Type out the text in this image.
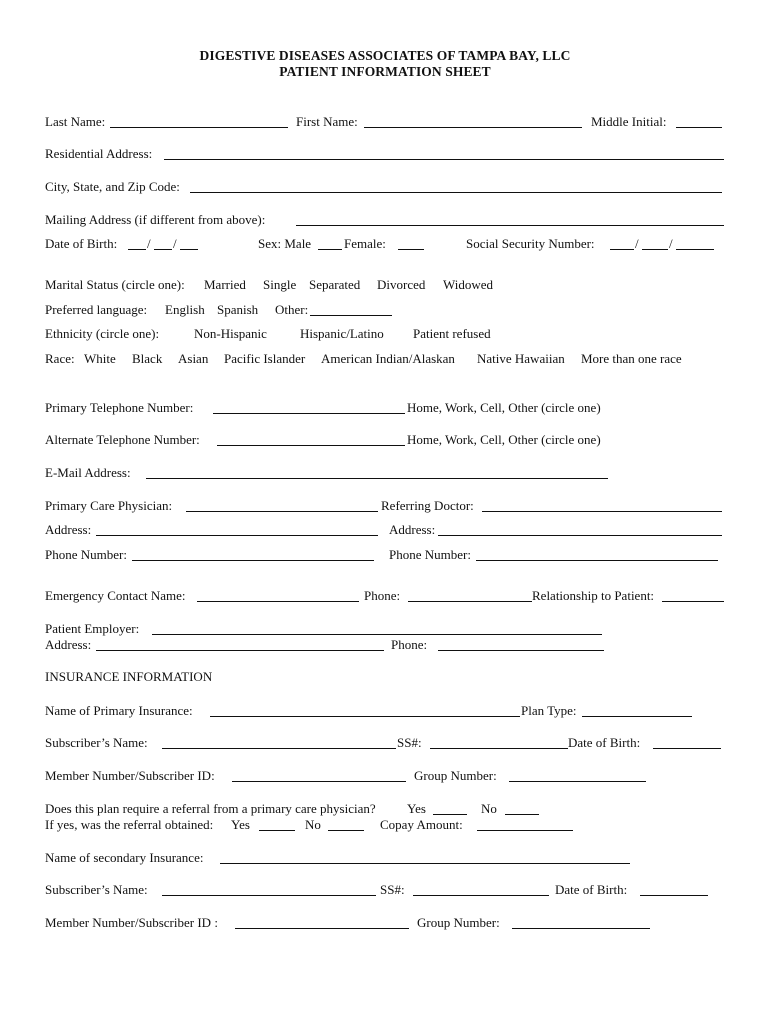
DIGESTIVE DISEASES ASSOCIATES OF TAMPA BAY, LLC
PATIENT INFORMATION SHEET
Last Name:	First Name:	Middle Initial:
Residential Address:
City, State, and Zip Code:
Mailing Address (if different from above):
Date of Birth: / /	Sex: Male	Female:	Social Security Number:	/ /
Marital Status (circle one): Married Single Separated Divorced Widowed
Preferred language: English Spanish Other:
Ethnicity (circle one):	Non-Hispanic	Hispanic/Latino Patient refused
Race: White Black Asian Pacific Islander American Indian/Alaskan Native Hawaiian More than one race
Primary Telephone Number:	Home, Work, Cell, Other (circle one)
Alternate Telephone Number:	Home, Work, Cell, Other (circle one)
E-Mail Address:
Primary Care Physician:	Referring Doctor:
Address:	Address:
Phone Number:	Phone Number:
Emergency Contact Name:	Phone:	Relationship to Patient:
Patient Employer:
Address:	Phone:
INSURANCE INFORMATION
Name of Primary Insurance:	Plan Type:
Subscriber’s Name:	SS#:	Date of Birth:
Member Number/Subscriber ID:	Group Number:
Does this plan require a referral from a primary care physician? Yes	No
If yes, was the referral obtained: Yes	No	Copay Amount:
Name of secondary Insurance:
Subscriber’s Name:	SS#:	Date of Birth:
Member Number/Subscriber ID :	Group Number:
